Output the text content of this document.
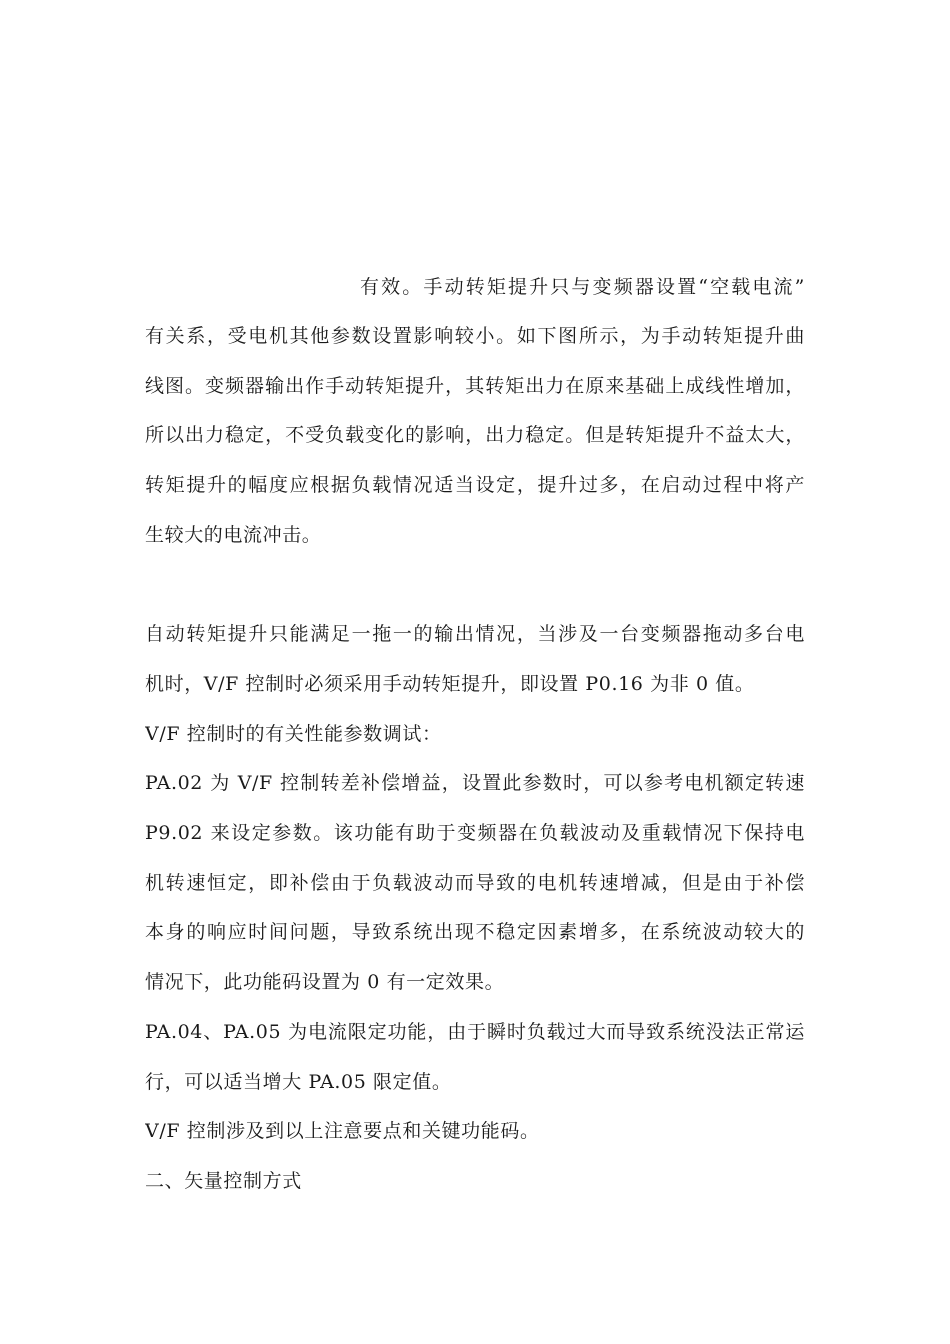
有效。手动转矩提升只与变频器设置“空载电流”
有关系，受电机其他参数设置影响较小。如下图所示，为手动转矩提升曲
线图。变频器输出作手动转矩提升，其转矩出力在原来基础上成线性增加，
所以出力稳定，不受负载变化的影响，出力稳定。但是转矩提升不益太大，
转矩提升的幅度应根据负载情况适当设定，提升过多，在启动过程中将产
生较大的电流冲击。
自动转矩提升只能满足一拖一的输出情况，当涉及一台变频器拖动多台电
机时，V/F 控制时必须采用手动转矩提升，即设置 P0.16 为非 0 值。
V/F 控制时的有关性能参数调试：
PA.02 为 V/F 控制转差补偿增益，设置此参数时，可以参考电机额定转速
P9.02 来设定参数。该功能有助于变频器在负载波动及重载情况下保持电
机转速恒定，即补偿由于负载波动而导致的电机转速增减，但是由于补偿
本身的响应时间问题，导致系统出现不稳定因素增多，在系统波动较大的
情况下，此功能码设置为 0 有一定效果。
PA.04、PA.05 为电流限定功能，由于瞬时负载过大而导致系统没法正常运
行，可以适当增大 PA.05 限定值。
V/F 控制涉及到以上注意要点和关键功能码。
二、矢量控制方式
